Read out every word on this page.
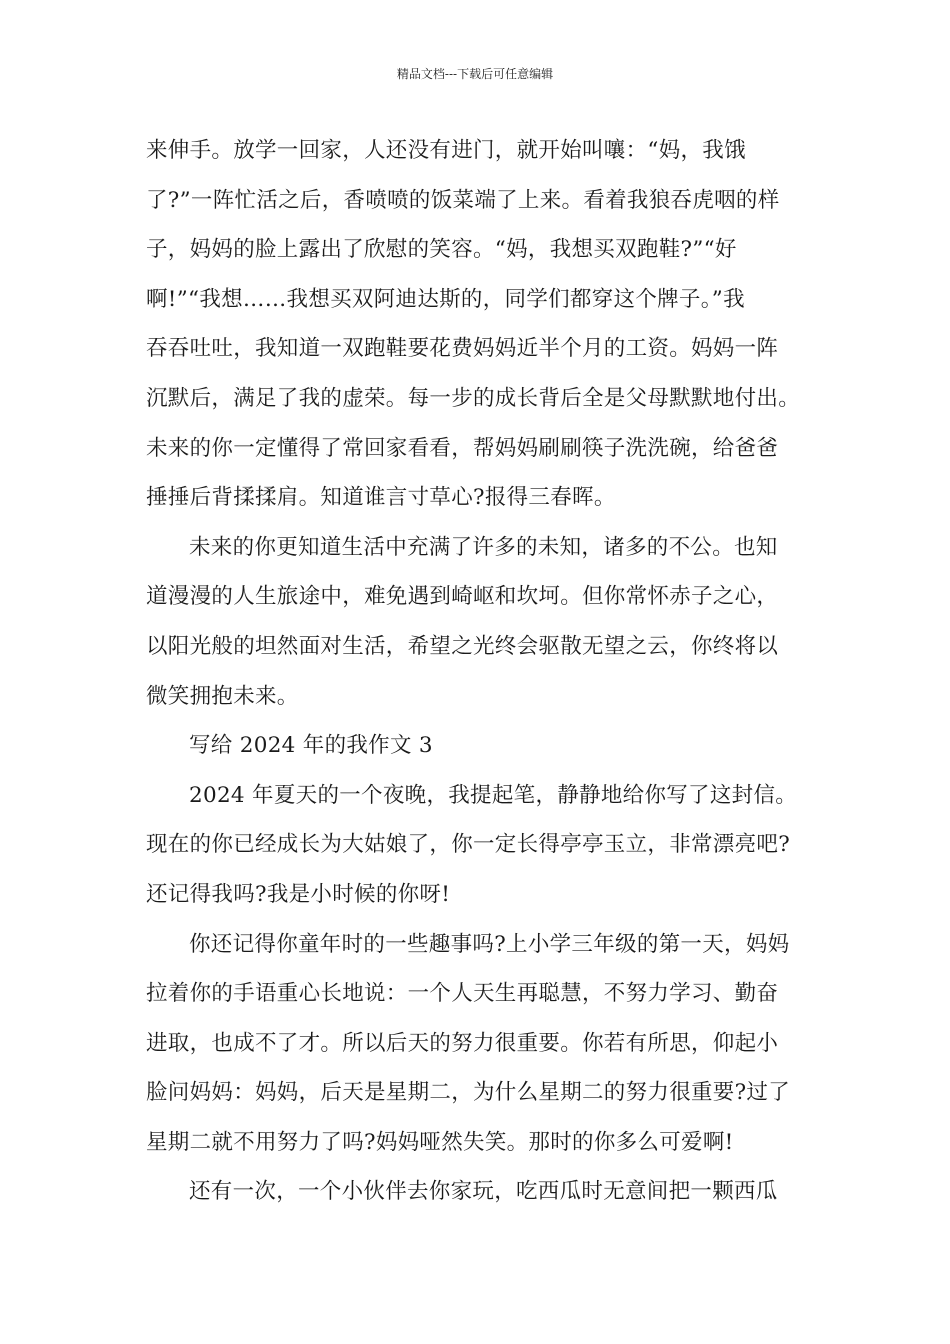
精品文档---下载后可任意编辑
来伸手。放学一回家，人还没有进门，就开始叫嚷：“妈，我饿
了?”一阵忙活之后，香喷喷的饭菜端了上来。看着我狼吞虎咽的样
子，妈妈的脸上露出了欣慰的笑容。“妈，我想买双跑鞋?”“好
啊!”“我想……我想买双阿迪达斯的，同学们都穿这个牌子。”我
吞吞吐吐，我知道一双跑鞋要花费妈妈近半个月的工资。妈妈一阵
沉默后，满足了我的虚荣。每一步的成长背后全是父母默默地付出。
未来的你一定懂得了常回家看看，帮妈妈刷刷筷子洗洗碗，给爸爸
捶捶后背揉揉肩。知道谁言寸草心?报得三春晖。
未来的你更知道生活中充满了许多的未知，诸多的不公。也知
道漫漫的人生旅途中，难免遇到崎岖和坎坷。但你常怀赤子之心，
以阳光般的坦然面对生活，希望之光终会驱散无望之云，你终将以
微笑拥抱未来。
写给 2024 年的我作文 3
2024 年夏天的一个夜晚，我提起笔，静静地给你写了这封信。
现在的你已经成长为大姑娘了，你一定长得亭亭玉立，非常漂亮吧?
还记得我吗?我是小时候的你呀!
你还记得你童年时的一些趣事吗?上小学三年级的第一天，妈妈
拉着你的手语重心长地说：一个人天生再聪慧，不努力学习、勤奋
进取，也成不了才。所以后天的努力很重要。你若有所思，仰起小
脸问妈妈：妈妈，后天是星期二，为什么星期二的努力很重要?过了
星期二就不用努力了吗?妈妈哑然失笑。那时的你多么可爱啊!
还有一次，一个小伙伴去你家玩，吃西瓜时无意间把一颗西瓜
